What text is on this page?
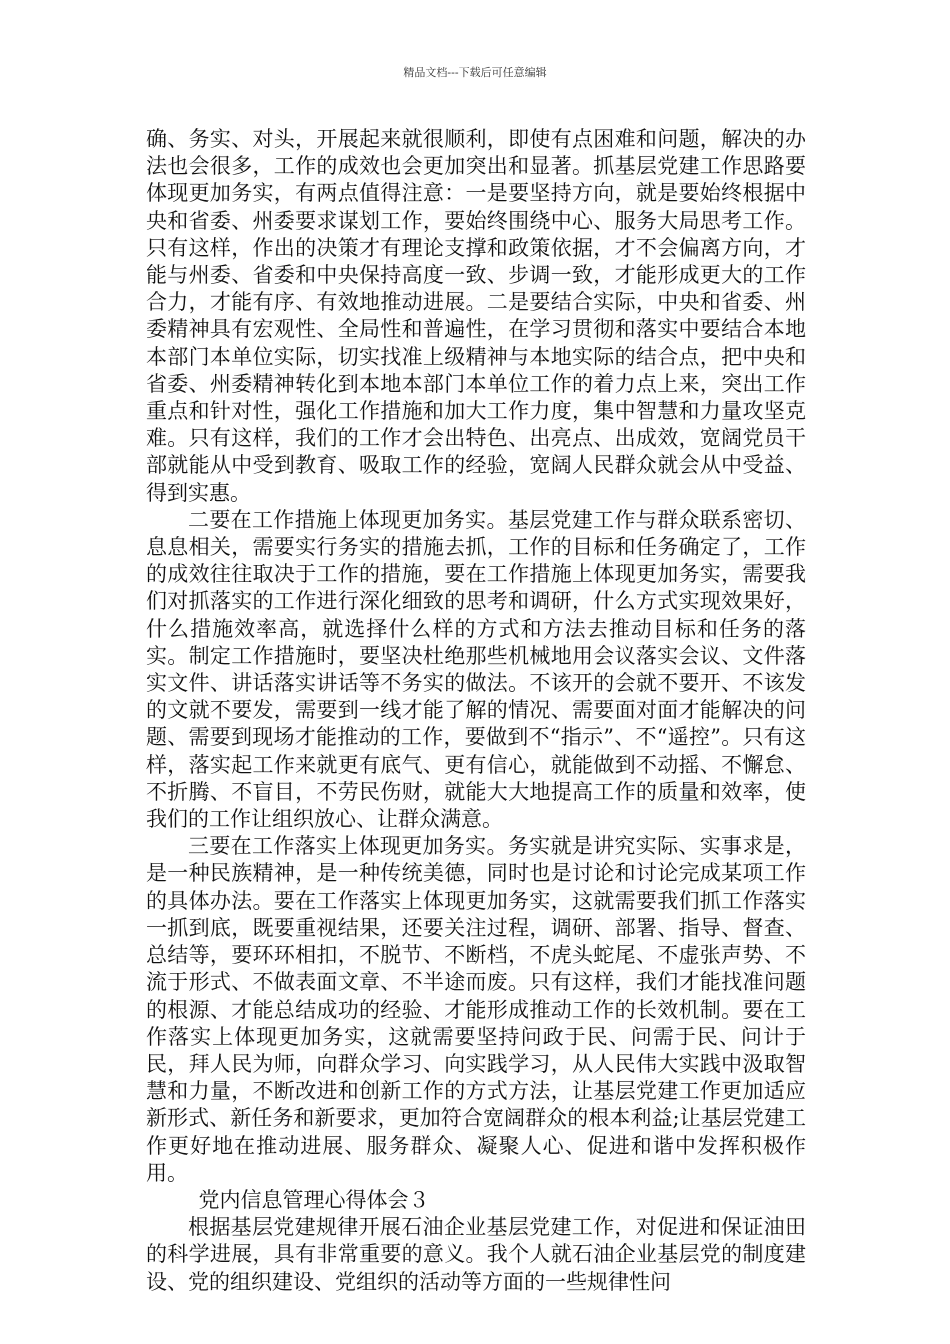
精品文档---下载后可任意编辑

确、务实、对头，开展起来就很顺利，即使有点困难和问题，解决的办法也会很多，工作的成效也会更加突出和显著。抓基层党建工作思路要体现更加务实，有两点值得注意：一是要坚持方向，就是要始终根据中央和省委、州委要求谋划工作，要始终围绕中心、服务大局思考工作。只有这样，作出的决策才有理论支撑和政策依据，才不会偏离方向，才能与州委、省委和中央保持高度一致、步调一致，才能形成更大的工作合力，才能有序、有效地推动进展。二是要结合实际，中央和省委、州委精神具有宏观性、全局性和普遍性，在学习贯彻和落实中要结合本地本部门本单位实际，切实找准上级精神与本地实际的结合点，把中央和省委、州委精神转化到本地本部门本单位工作的着力点上来，突出工作重点和针对性，强化工作措施和加大工作力度，集中智慧和力量攻坚克难。只有这样，我们的工作才会出特色、出亮点、出成效，宽阔党员干部就能从中受到教育、吸取工作的经验，宽阔人民群众就会从中受益、得到实惠。

二要在工作措施上体现更加务实。基层党建工作与群众联系密切、息息相关，需要实行务实的措施去抓，工作的目标和任务确定了，工作的成效往往取决于工作的措施，要在工作措施上体现更加务实，需要我们对抓落实的工作进行深化细致的思考和调研，什么方式实现效果好，什么措施效率高，就选择什么样的方式和方法去推动目标和任务的落实。制定工作措施时，要坚决杜绝那些机械地用会议落实会议、文件落实文件、讲话落实讲话等不务实的做法。不该开的会就不要开、不该发的文就不要发，需要到一线才能了解的情况、需要面对面才能解决的问题、需要到现场才能推动的工作，要做到不“指示”、不“遥控”。只有这样，落实起工作来就更有底气、更有信心，就能做到不动摇、不懈怠、不折腾、不盲目，不劳民伤财，就能大大地提高工作的质量和效率，使我们的工作让组织放心、让群众满意。

三要在工作落实上体现更加务实。务实就是讲究实际、实事求是，是一种民族精神，是一种传统美德，同时也是讨论和讨论完成某项工作的具体办法。要在工作落实上体现更加务实，这就需要我们抓工作落实一抓到底，既要重视结果，还要关注过程，调研、部署、指导、督查、总结等，要环环相扣，不脱节、不断档，不虎头蛇尾、不虚张声势、不流于形式、不做表面文章、不半途而废。只有这样，我们才能找准问题的根源、才能总结成功的经验、才能形成推动工作的长效机制。要在工作落实上体现更加务实，这就需要坚持问政于民、问需于民、问计于民，拜人民为师，向群众学习、向实践学习，从人民伟大实践中汲取智慧和力量，不断改进和创新工作的方式方法，让基层党建工作更加适应新形式、新任务和新要求，更加符合宽阔群众的根本利益;让基层党建工作更好地在推动进展、服务群众、凝聚人心、促进和谐中发挥积极作用。

党内信息管理心得体会３

根据基层党建规律开展石油企业基层党建工作，对促进和保证油田的科学进展，具有非常重要的意义。我个人就石油企业基层党的制度建设、党的组织建设、党组织的活动等方面的一些规律性问
